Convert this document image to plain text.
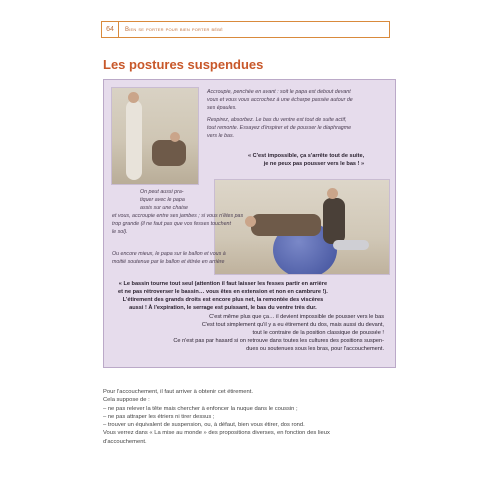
64	Bien se porter pour bien porter bébé
Les postures suspendues
Accroupie, penchée en avant : soit le papa est debout devant
vous et vous vous accrochez à une écharpe passée autour de
ses épaules.
Respirez, absorbez. Le bas du ventre est tout de suite actif,
tout remonte. Essayez d'inspirer et de pousser le diaphragme
vers le bas.
« C'est impossible, ça s'arrête tout de suite,
je ne peux pas pousser vers le bas ! »
On peut aussi pra-
tiquer avec le papa
assis sur une chaise
et vous, accroupie entre ses jambes ; si vous n'êtes pas
trop grande (il ne faut pas que vos fesses touchent
le sol).
Ou encore mieux, le papa sur le ballon et vous à
moitié soutenue par le ballon et étirée en arrière
« Le bassin tourne tout seul (attention il faut laisser les fesses partir en arrière
et ne pas rétroverser le bassin… vous êtes en extension et non en cambrure !).
L'étirement des grands droits est encore plus net, la remontée des viscères
aussi ! À l'expiration, le serrage est puissant, le bas du ventre très dur.
C'est même plus que ça… il devient impossible de pousser vers le bas
C'est tout simplement qu'il y a eu étirement du dos, mais aussi du devant,
tout le contraire de la position classique de poussée !
Ce n'est pas par hasard si on retrouve dans toutes les cultures des positions suspen-
dues ou soutenues sous les bras, pour l'accouchement.
Pour l'accouchement, il faut arriver à obtenir cet étirement.
Cela suppose de :
– ne pas relever la tête mais chercher à enfoncer la nuque dans le coussin ;
– ne pas attraper les étriers ni tirer dessus ;
– trouver un équivalent de suspension, ou, à défaut, bien vous étirer, dos rond.
Vous verrez dans « La mise au monde » des propositions diverses, en fonction des lieux
d'accouchement.
